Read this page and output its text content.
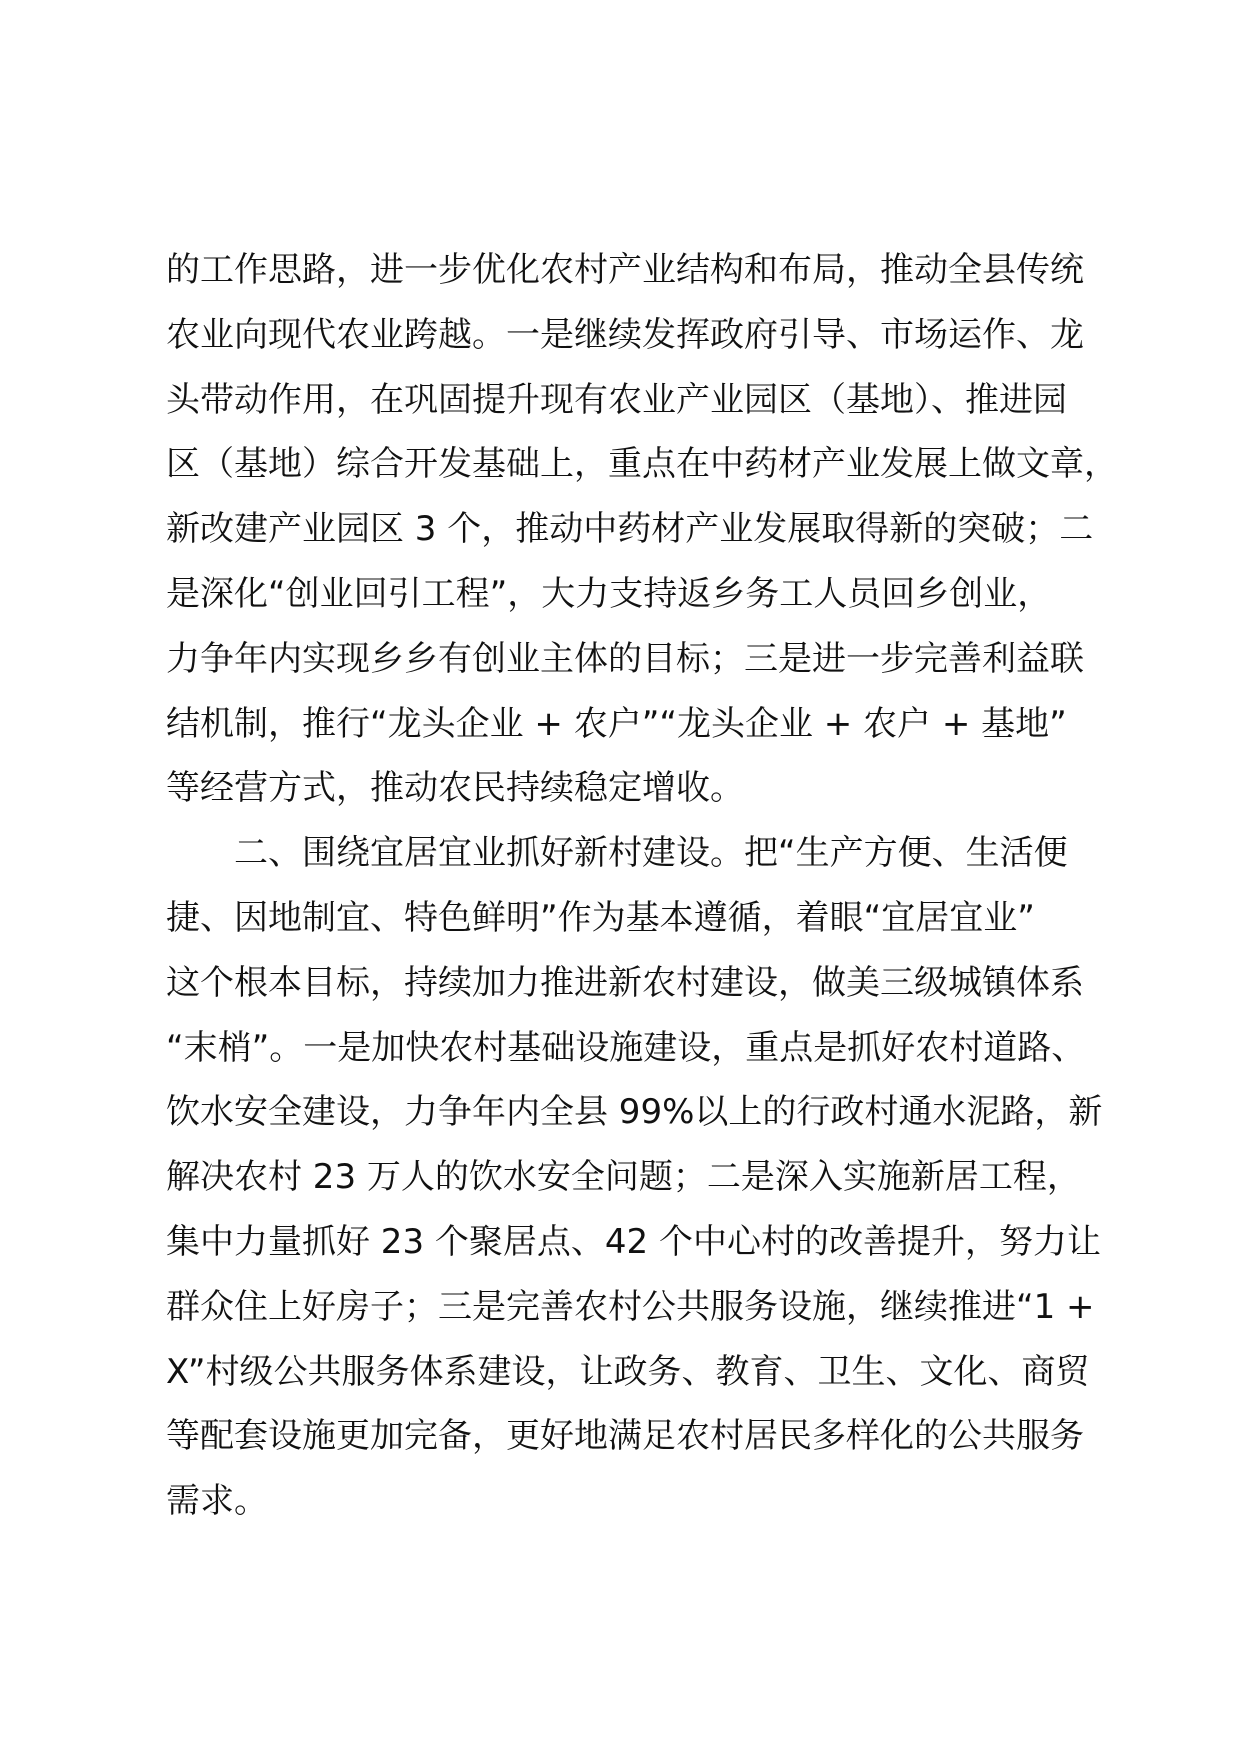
的工作思路，进一步优化农村产业结构和布局，推动全县传统
农业向现代农业跨越。一是继续发挥政府引导、市场运作、龙
头带动作用，在巩固提升现有农业产业园区（基地）、推进园
区（基地）综合开发基础上，重点在中药材产业发展上做文章，
新改建产业园区 3 个，推动中药材产业发展取得新的突破；二
是深化“创业回引工程”，大力支持返乡务工人员回乡创业，
力争年内实现乡乡有创业主体的目标；三是进一步完善利益联
结机制，推行“龙头企业 + 农户”“龙头企业 + 农户 + 基地”
等经营方式，推动农民持续稳定增收。
　　二、围绕宜居宜业抓好新村建设。把“生产方便、生活便
捷、因地制宜、特色鲜明”作为基本遵循，着眼“宜居宜业”
这个根本目标，持续加力推进新农村建设，做美三级城镇体系
“末梢”。一是加快农村基础设施建设，重点是抓好农村道路、
饮水安全建设，力争年内全县 99%以上的行政村通水泥路，新
解决农村 23 万人的饮水安全问题；二是深入实施新居工程，
集中力量抓好 23 个聚居点、42 个中心村的改善提升，努力让
群众住上好房子；三是完善农村公共服务设施，继续推进“1 +
X”村级公共服务体系建设，让政务、教育、卫生、文化、商贸
等配套设施更加完备，更好地满足农村居民多样化的公共服务
需求。
